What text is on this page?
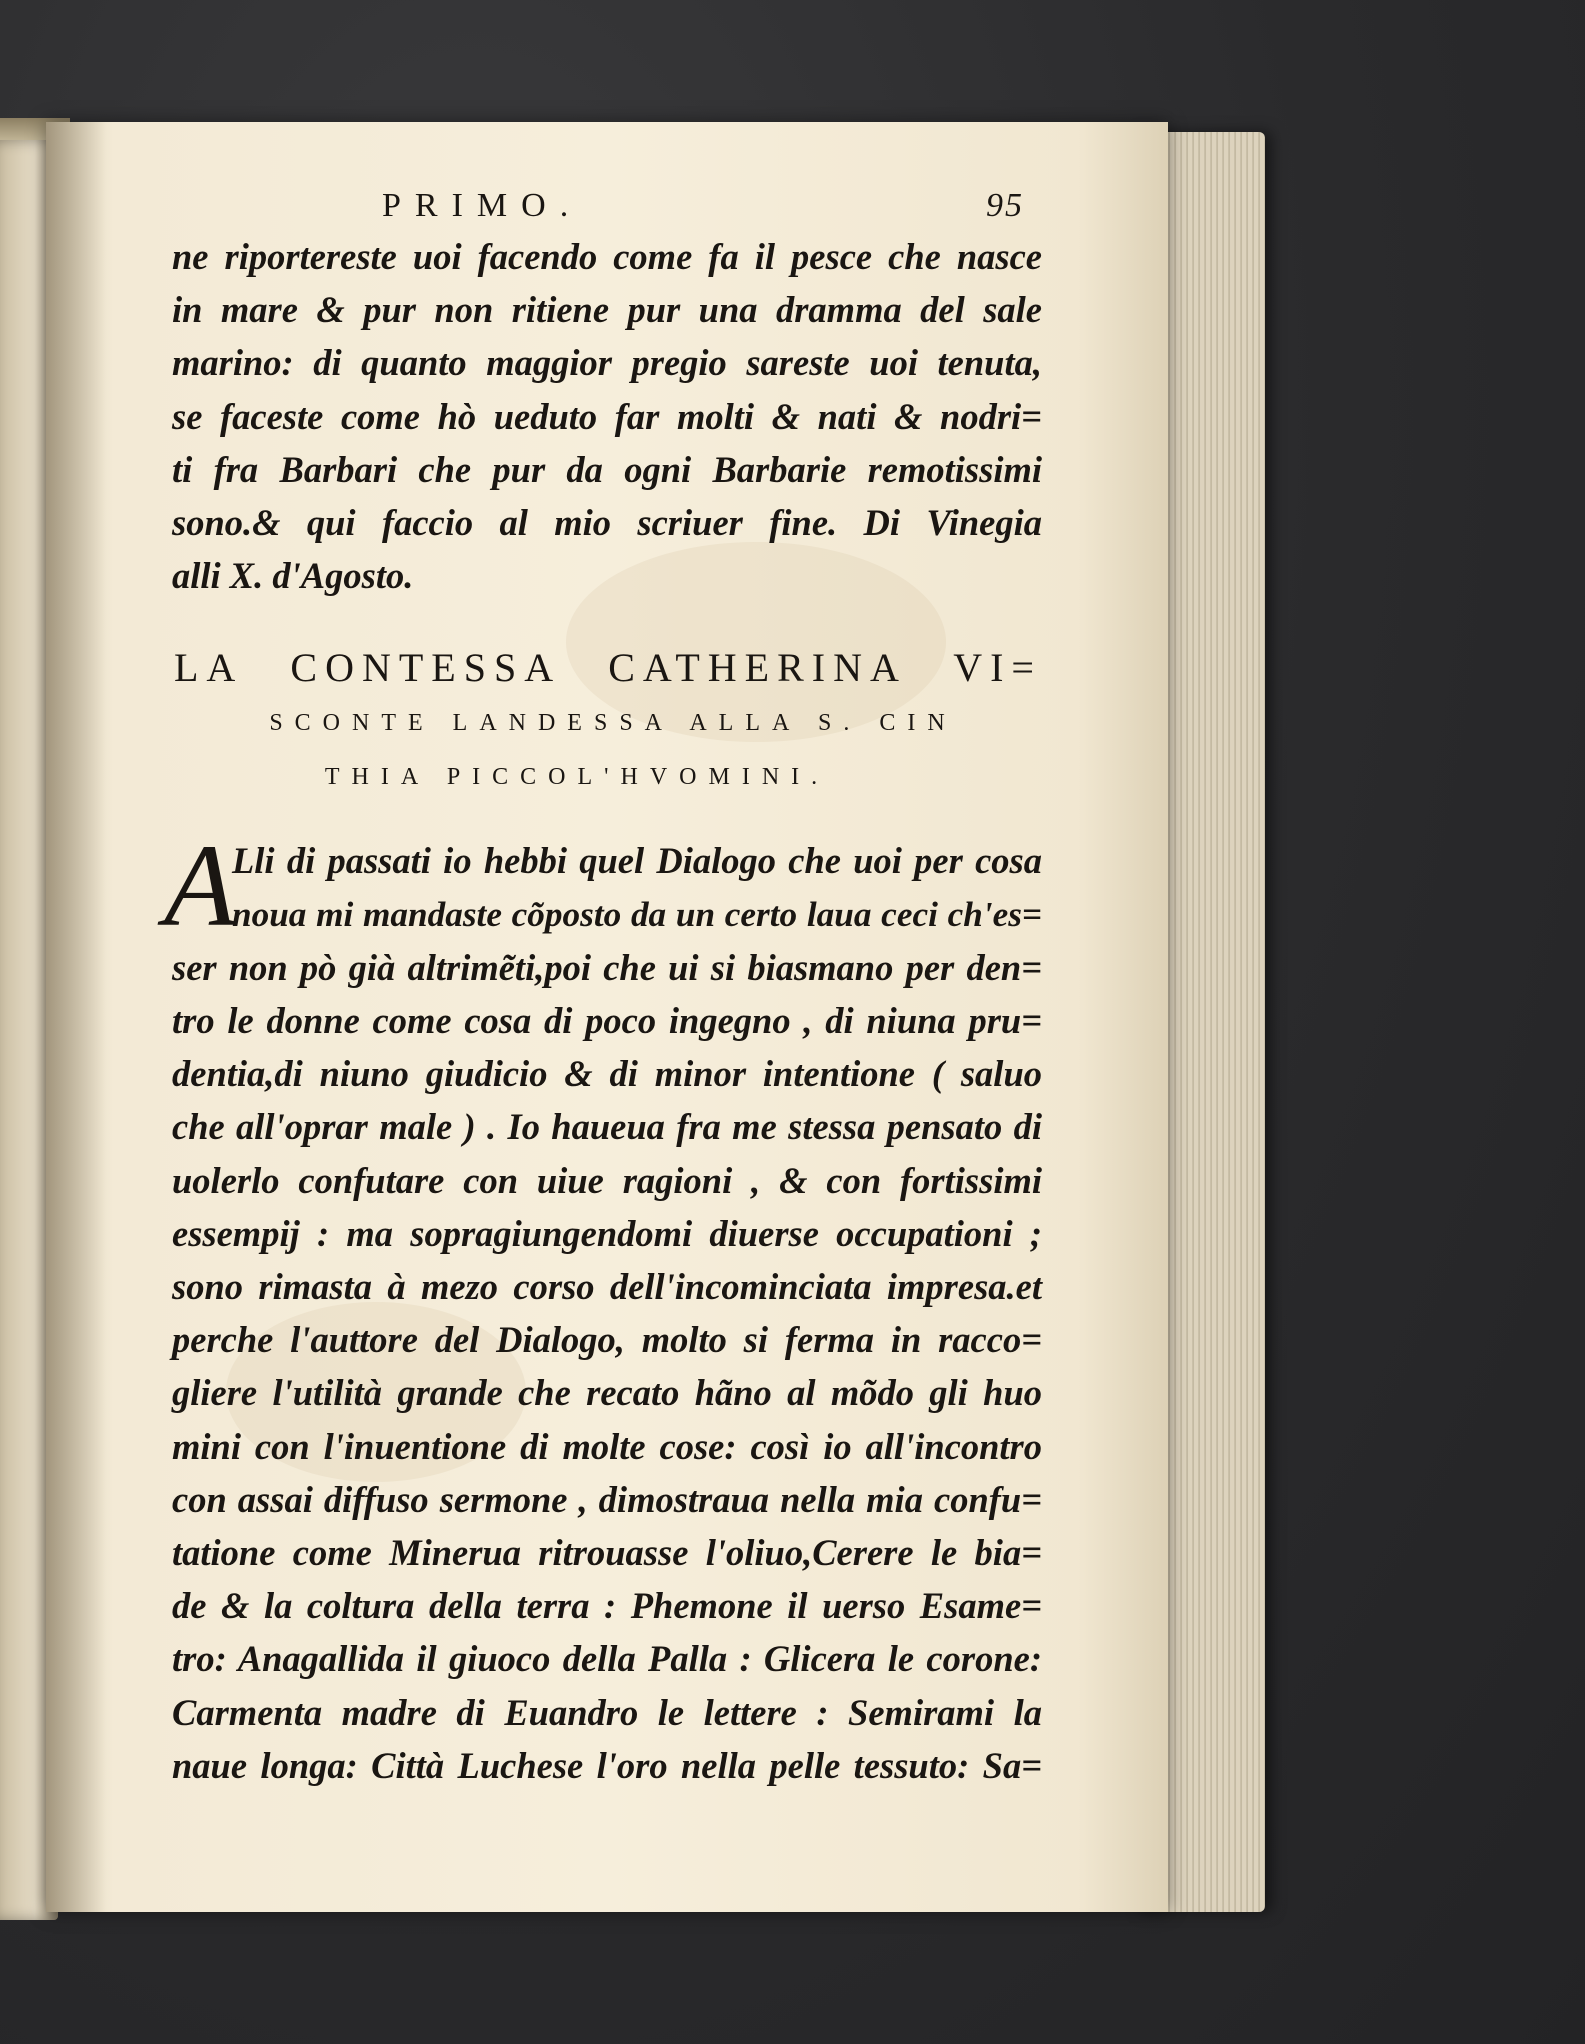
PRIMO.	95
ne riportereste uoi facendo come fa il pesce che nasce
in mare & pur non ritiene pur una dramma del sale
marino: di quanto maggior pregio sareste uoi tenuta,
se faceste come hò ueduto far molti & nati & nodri=
ti fra Barbari che pur da ogni Barbarie remotissimi
sono.& qui faccio al mio scriuer fine. Di Vinegia
alli X. d'Agosto.
LA CONTESSA CATHERINA VI=
SCONTE LANDESSA ALLA S. CIN
THIA PICCOL'HVOMINI.
A
Lli di passati io hebbi quel Dialogo che uoi per cosa
noua mi mandaste cõposto da un certo laua ceci ch'es=
ser non pò già altrimẽti,poi che ui si biasmano per den=
tro le donne come cosa di poco ingegno , di niuna pru=
dentia,di niuno giudicio & di minor intentione ( saluo
che all'oprar male ) . Io haueua fra me stessa pensato di
uolerlo confutare con uiue ragioni , & con fortissimi
essempij : ma sopragiungendomi diuerse occupationi ;
sono rimasta à mezo corso dell'incominciata impresa.et
perche l'auttore del Dialogo, molto si ferma in racco=
gliere l'utilità grande che recato hãno al mõdo gli huo
mini con l'inuentione di molte cose: così io all'incontro
con assai diffuso sermone , dimostraua nella mia confu=
tatione come Minerua ritrouasse l'oliuo,Cerere le bia=
de & la coltura della terra : Phemone il uerso Esame=
tro: Anagallida il giuoco della Palla : Glicera le corone:
Carmenta madre di Euandro le lettere : Semirami la
naue longa: Città Luchese l'oro nella pelle tessuto: Sa=
